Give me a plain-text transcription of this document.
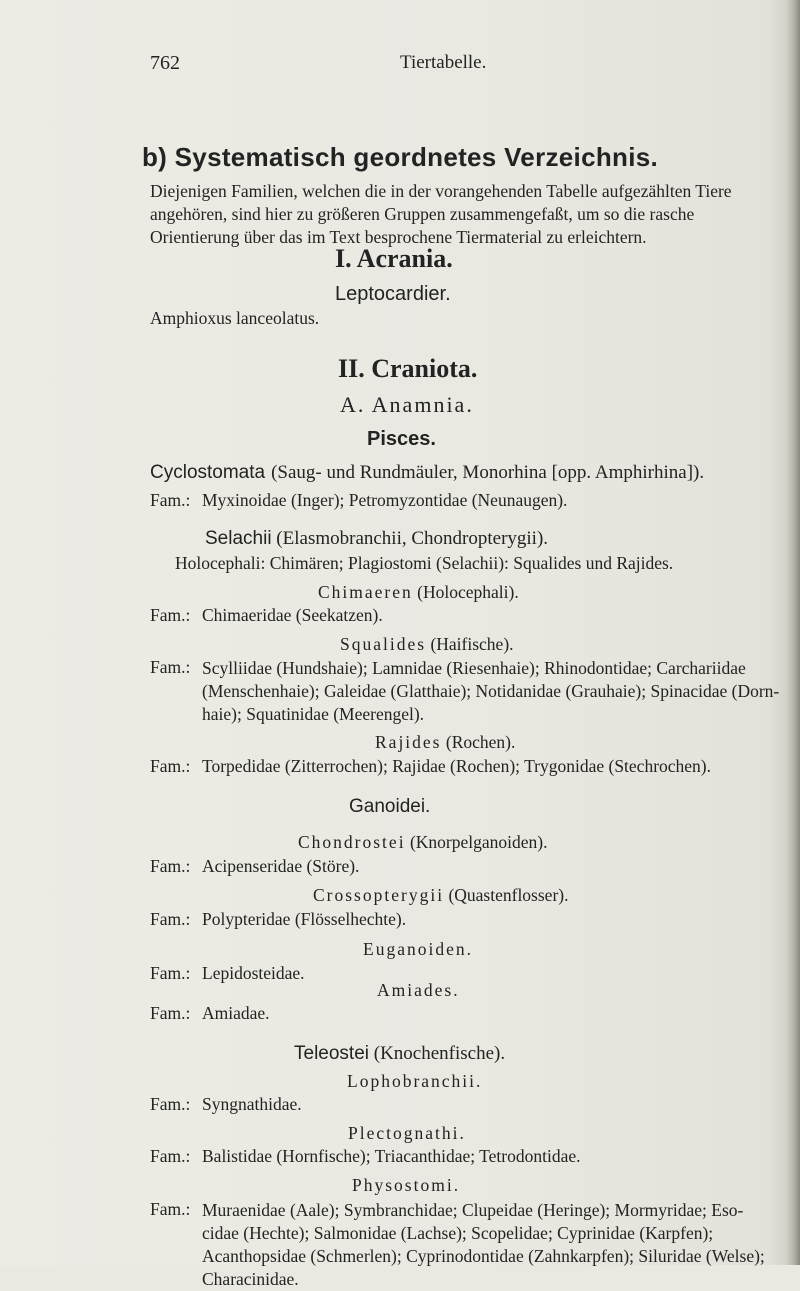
762	Tiertabelle.
b) Systematisch geordnetes Verzeichnis.
Diejenigen Familien, welchen die in der vorangehenden Tabelle aufgezählten Tiere
angehören, sind hier zu größeren Gruppen zusammengefaßt, um so die rasche
Orientierung über das im Text besprochene Tiermaterial zu erleichtern.
I. Acrania.
Leptocardier.
Amphioxus lanceolatus.
II. Craniota.
A. Anamnia.
Pisces.
Cyclostomata (Saug- und Rundmäuler, Monorhina [opp. Amphirhina]).
Fam.: Myxinoidae (Inger); Petromyzontidae (Neunaugen).
Selachii (Elasmobranchii, Chondropterygii).
Holocephali: Chimären; Plagiostomi (Selachii): Squalides und Rajides.
Chimaeren (Holocephali).
Fam.: Chimaeridae (Seekatzen).
Squalides (Haifische).
Fam.: Scylliidae (Hundshaie); Lamnidae (Riesenhaie); Rhinodontidae; Carchariidae
(Menschenhaie); Galeidae (Glatthaie); Notidanidae (Grauhaie); Spinacidae (Dorn-
haie); Squatinidae (Meerengel).
Rajides (Rochen).
Fam.: Torpedidae (Zitterrochen); Rajidae (Rochen); Trygonidae (Stechrochen).
Ganoidei.
Chondrostei (Knorpelganoiden).
Fam.: Acipenseridae (Störe).
Crossopterygii (Quastenflosser).
Fam.: Polypteridae (Flösselhechte).
Euganoiden.
Fam.: Lepidosteidae.
Amiades.
Fam.: Amiadae.
Teleostei (Knochenfische).
Lophobranchii.
Fam.: Syngnathidae.
Plectognathi.
Fam.: Balistidae (Hornfische); Triacanthidae; Tetrodontidae.
Physostomi.
Fam.: Muraenidae (Aale); Symbranchidae; Clupeidae (Heringe); Mormyridae; Eso-
cidae (Hechte); Salmonidae (Lachse); Scopelidae; Cyprinidae (Karpfen);
Acanthopsidae (Schmerlen); Cyprinodontidae (Zahnkarpfen); Siluridae (Welse);
Characinidae.
